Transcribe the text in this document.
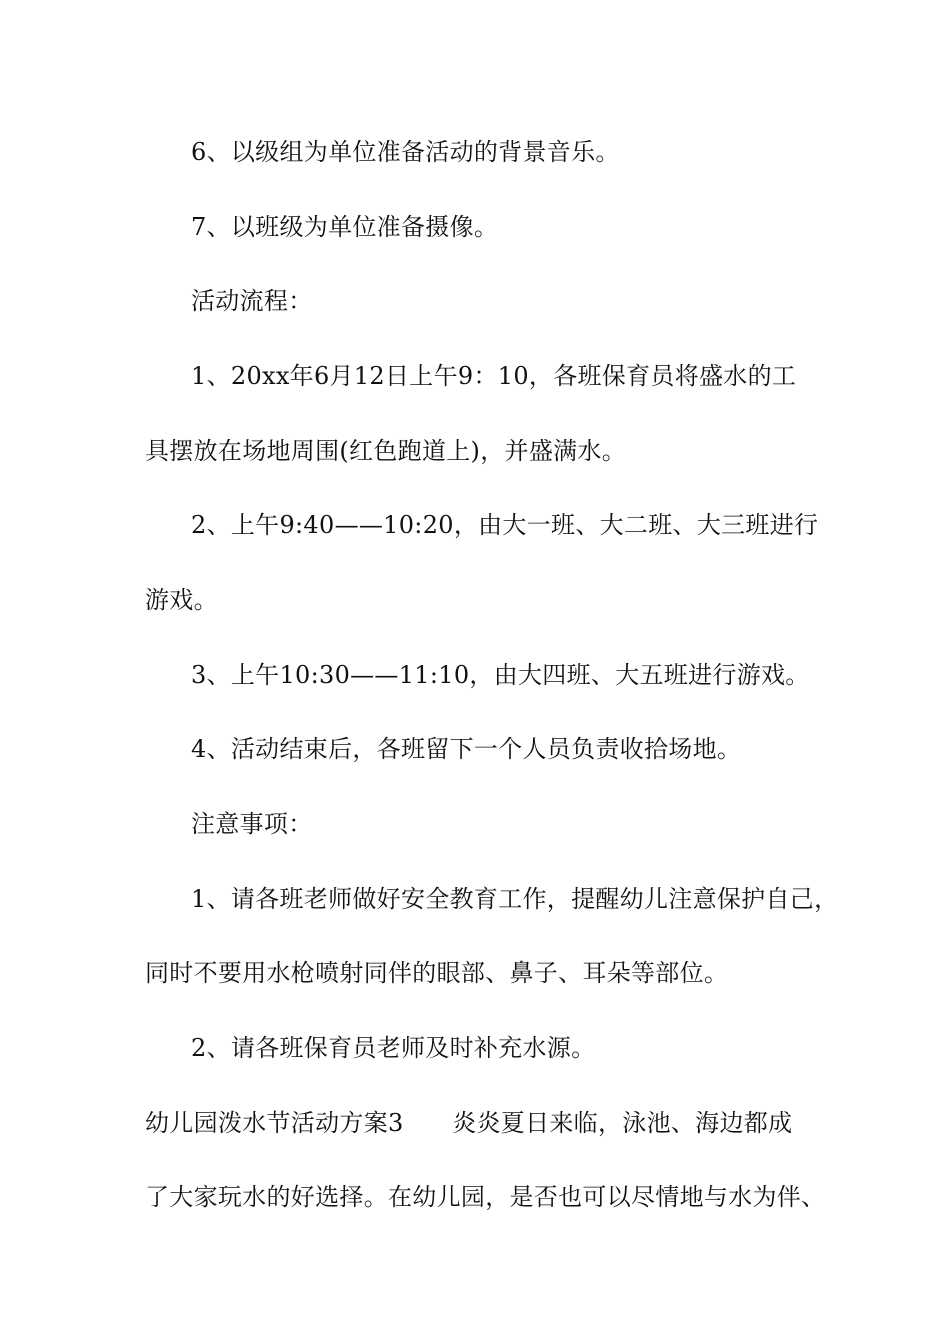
6、以级组为单位准备活动的背景音乐。
7、以班级为单位准备摄像。
活动流程：
1、20xx年6月12日上午9：10，各班保育员将盛水的工
具摆放在场地周围(红色跑道上)，并盛满水。
2、上午9:40——10:20，由大一班、大二班、大三班进行
游戏。
3、上午10:30——11:10，由大四班、大五班进行游戏。
4、活动结束后，各班留下一个人员负责收拾场地。
注意事项：
1、请各班老师做好安全教育工作，提醒幼儿注意保护自己，
同时不要用水枪喷射同伴的眼部、鼻子、耳朵等部位。
2、请各班保育员老师及时补充水源。
幼儿园泼水节活动方案3　　炎炎夏日来临，泳池、海边都成
了大家玩水的好选择。在幼儿园，是否也可以尽情地与水为伴、
